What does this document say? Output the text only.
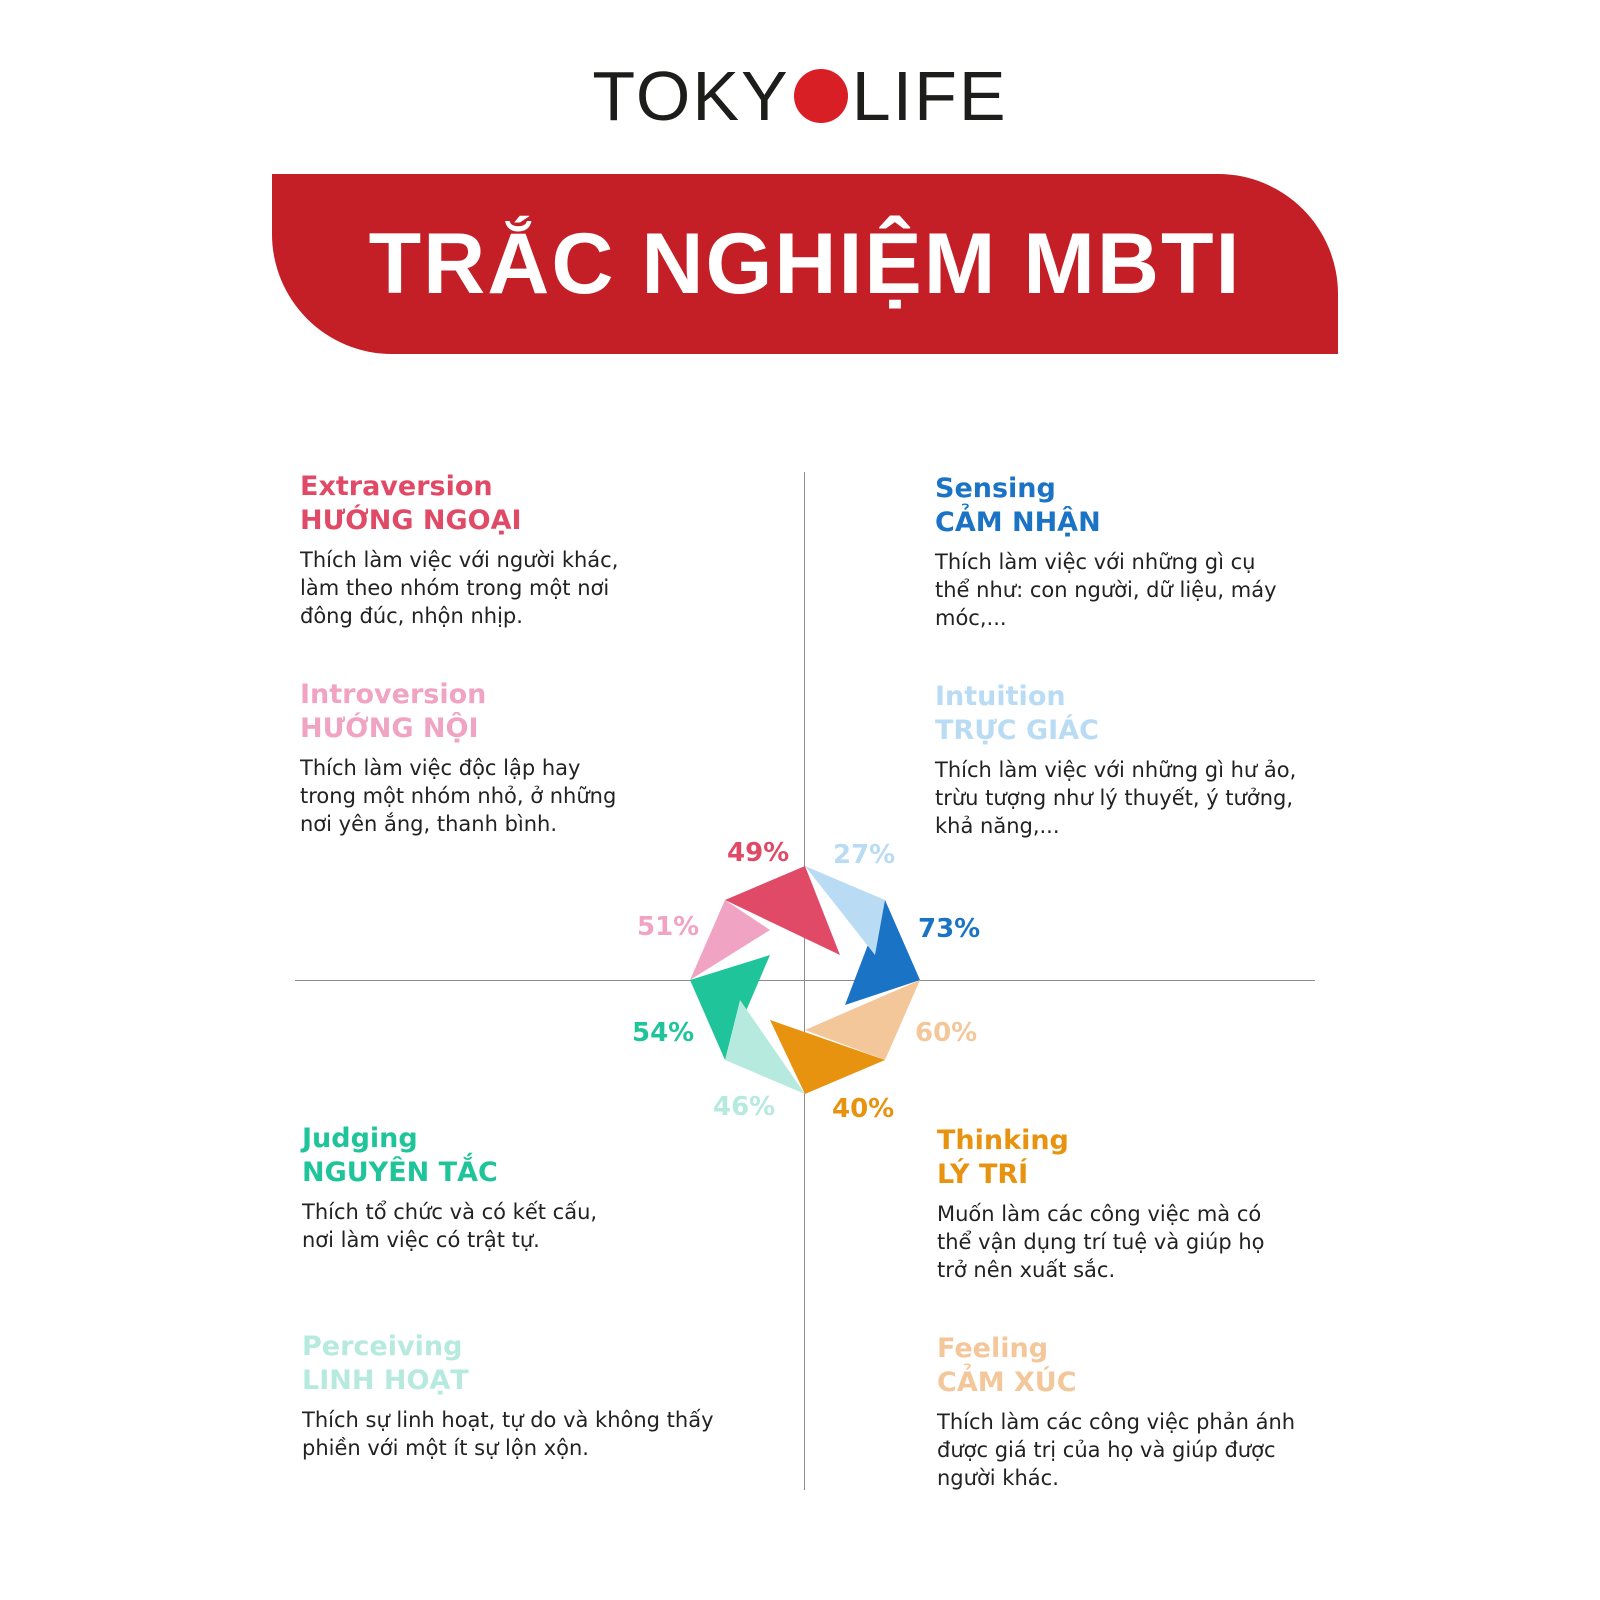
TOKY LIFE
TRẮC NGHIỆM MBTI
Extraversion
HƯỚNG NGOẠI
Thích làm việc với người khác, làm theo nhóm trong một nơi đông đúc, nhộn nhịp.
Introversion
HƯỚNG NỘI
Thích làm việc độc lập hay trong một nhóm nhỏ, ở những nơi yên ắng, thanh bình.
Sensing
CẢM NHẬN
Thích làm việc với những gì cụ thể như: con người, dữ liệu, máy móc,...
Intuition
TRỰC GIÁC
Thích làm việc với những gì hư ảo, trừu tượng như lý thuyết, ý tưởng, khả năng,...
Judging
NGUYÊN TẮC
Thích tổ chức và có kết cấu, nơi làm việc có trật tự.
Perceiving
LINH HOẠT
Thích sự linh hoạt, tự do và không thấy phiền với một ít sự lộn xộn.
Thinking
LÝ TRÍ
Muốn làm các công việc mà có thể vận dụng trí tuệ và giúp họ trở nên xuất sắc.
Feeling
CẢM XÚC
Thích làm các công việc phản ánh được giá trị của họ và giúp được người khác.
49% 27%
51%	73%
54%	60%
46% 40%
